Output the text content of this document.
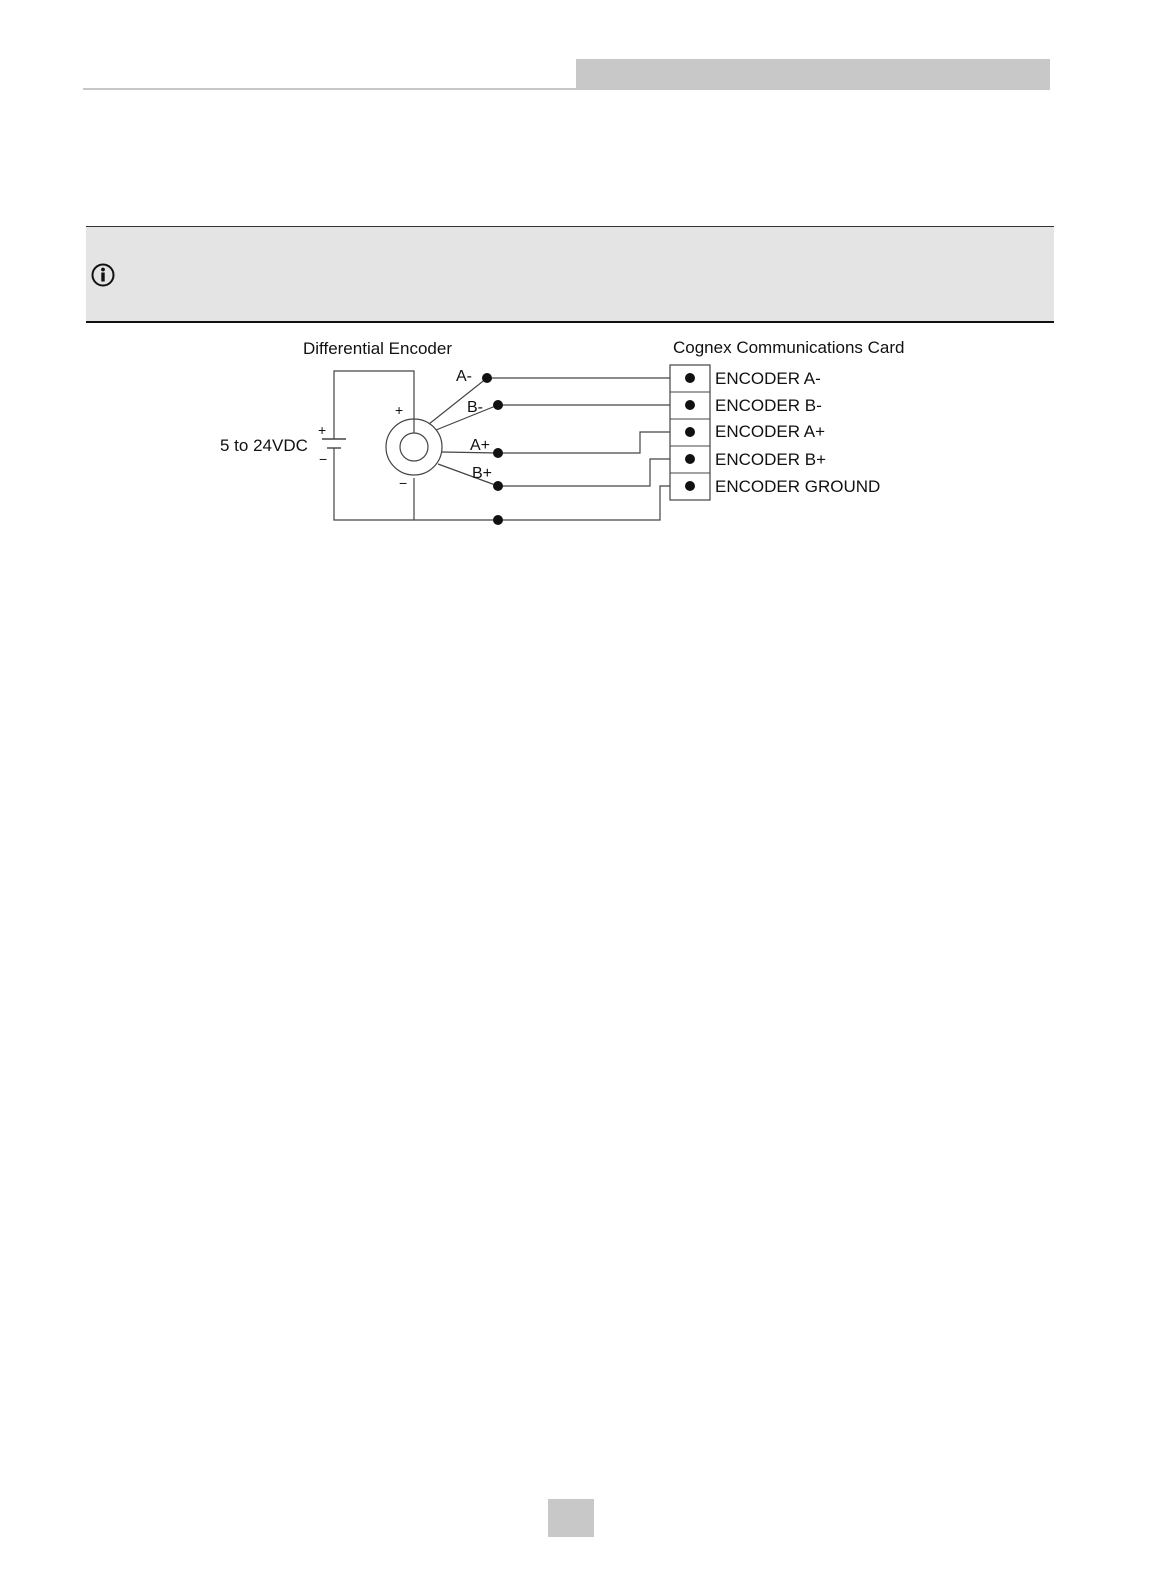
Differential Encoder	Cognex Communications Card
5 to 24VDC
+
−
+
−
A-
B-
A+
B+
ENCODER A-
ENCODER B-
ENCODER A+
ENCODER B+
ENCODER GROUND
